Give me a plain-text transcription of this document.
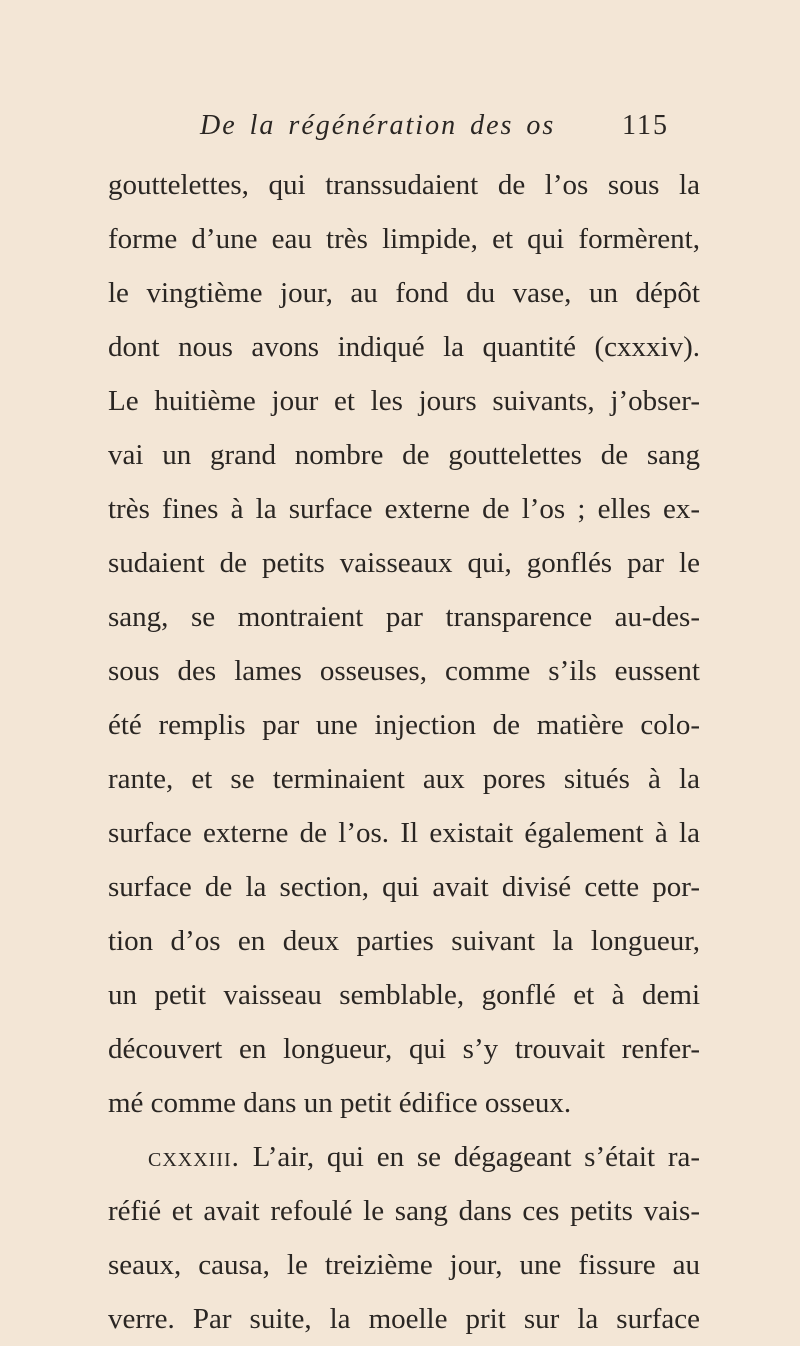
De la régénération des os 115
gouttelettes, qui transsudaient de l’os sous la
forme d’une eau très limpide, et qui formèrent,
le vingtième jour, au fond du vase, un dépôt
dont nous avons indiqué la quantité (cxxxiv).
Le huitième jour et les jours suivants, j’obser-
vai un grand nombre de gouttelettes de sang
très fines à la surface externe de l’os ; elles ex-
sudaient de petits vaisseaux qui, gonflés par le
sang, se montraient par transparence au-des-
sous des lames osseuses, comme s’ils eussent
été remplis par une injection de matière colo-
rante, et se terminaient aux pores situés à la
surface externe de l’os. Il existait également à la
surface de la section, qui avait divisé cette por-
tion d’os en deux parties suivant la longueur,
un petit vaisseau semblable, gonflé et à demi
découvert en longueur, qui s’y trouvait renfer-
mé comme dans un petit édifice osseux.
cxxxiii. L’air, qui en se dégageant s’était ra-
réfié et avait refoulé le sang dans ces petits vais-
seaux, causa, le treizième jour, une fissure au
verre. Par suite, la moelle prit sur la surface
